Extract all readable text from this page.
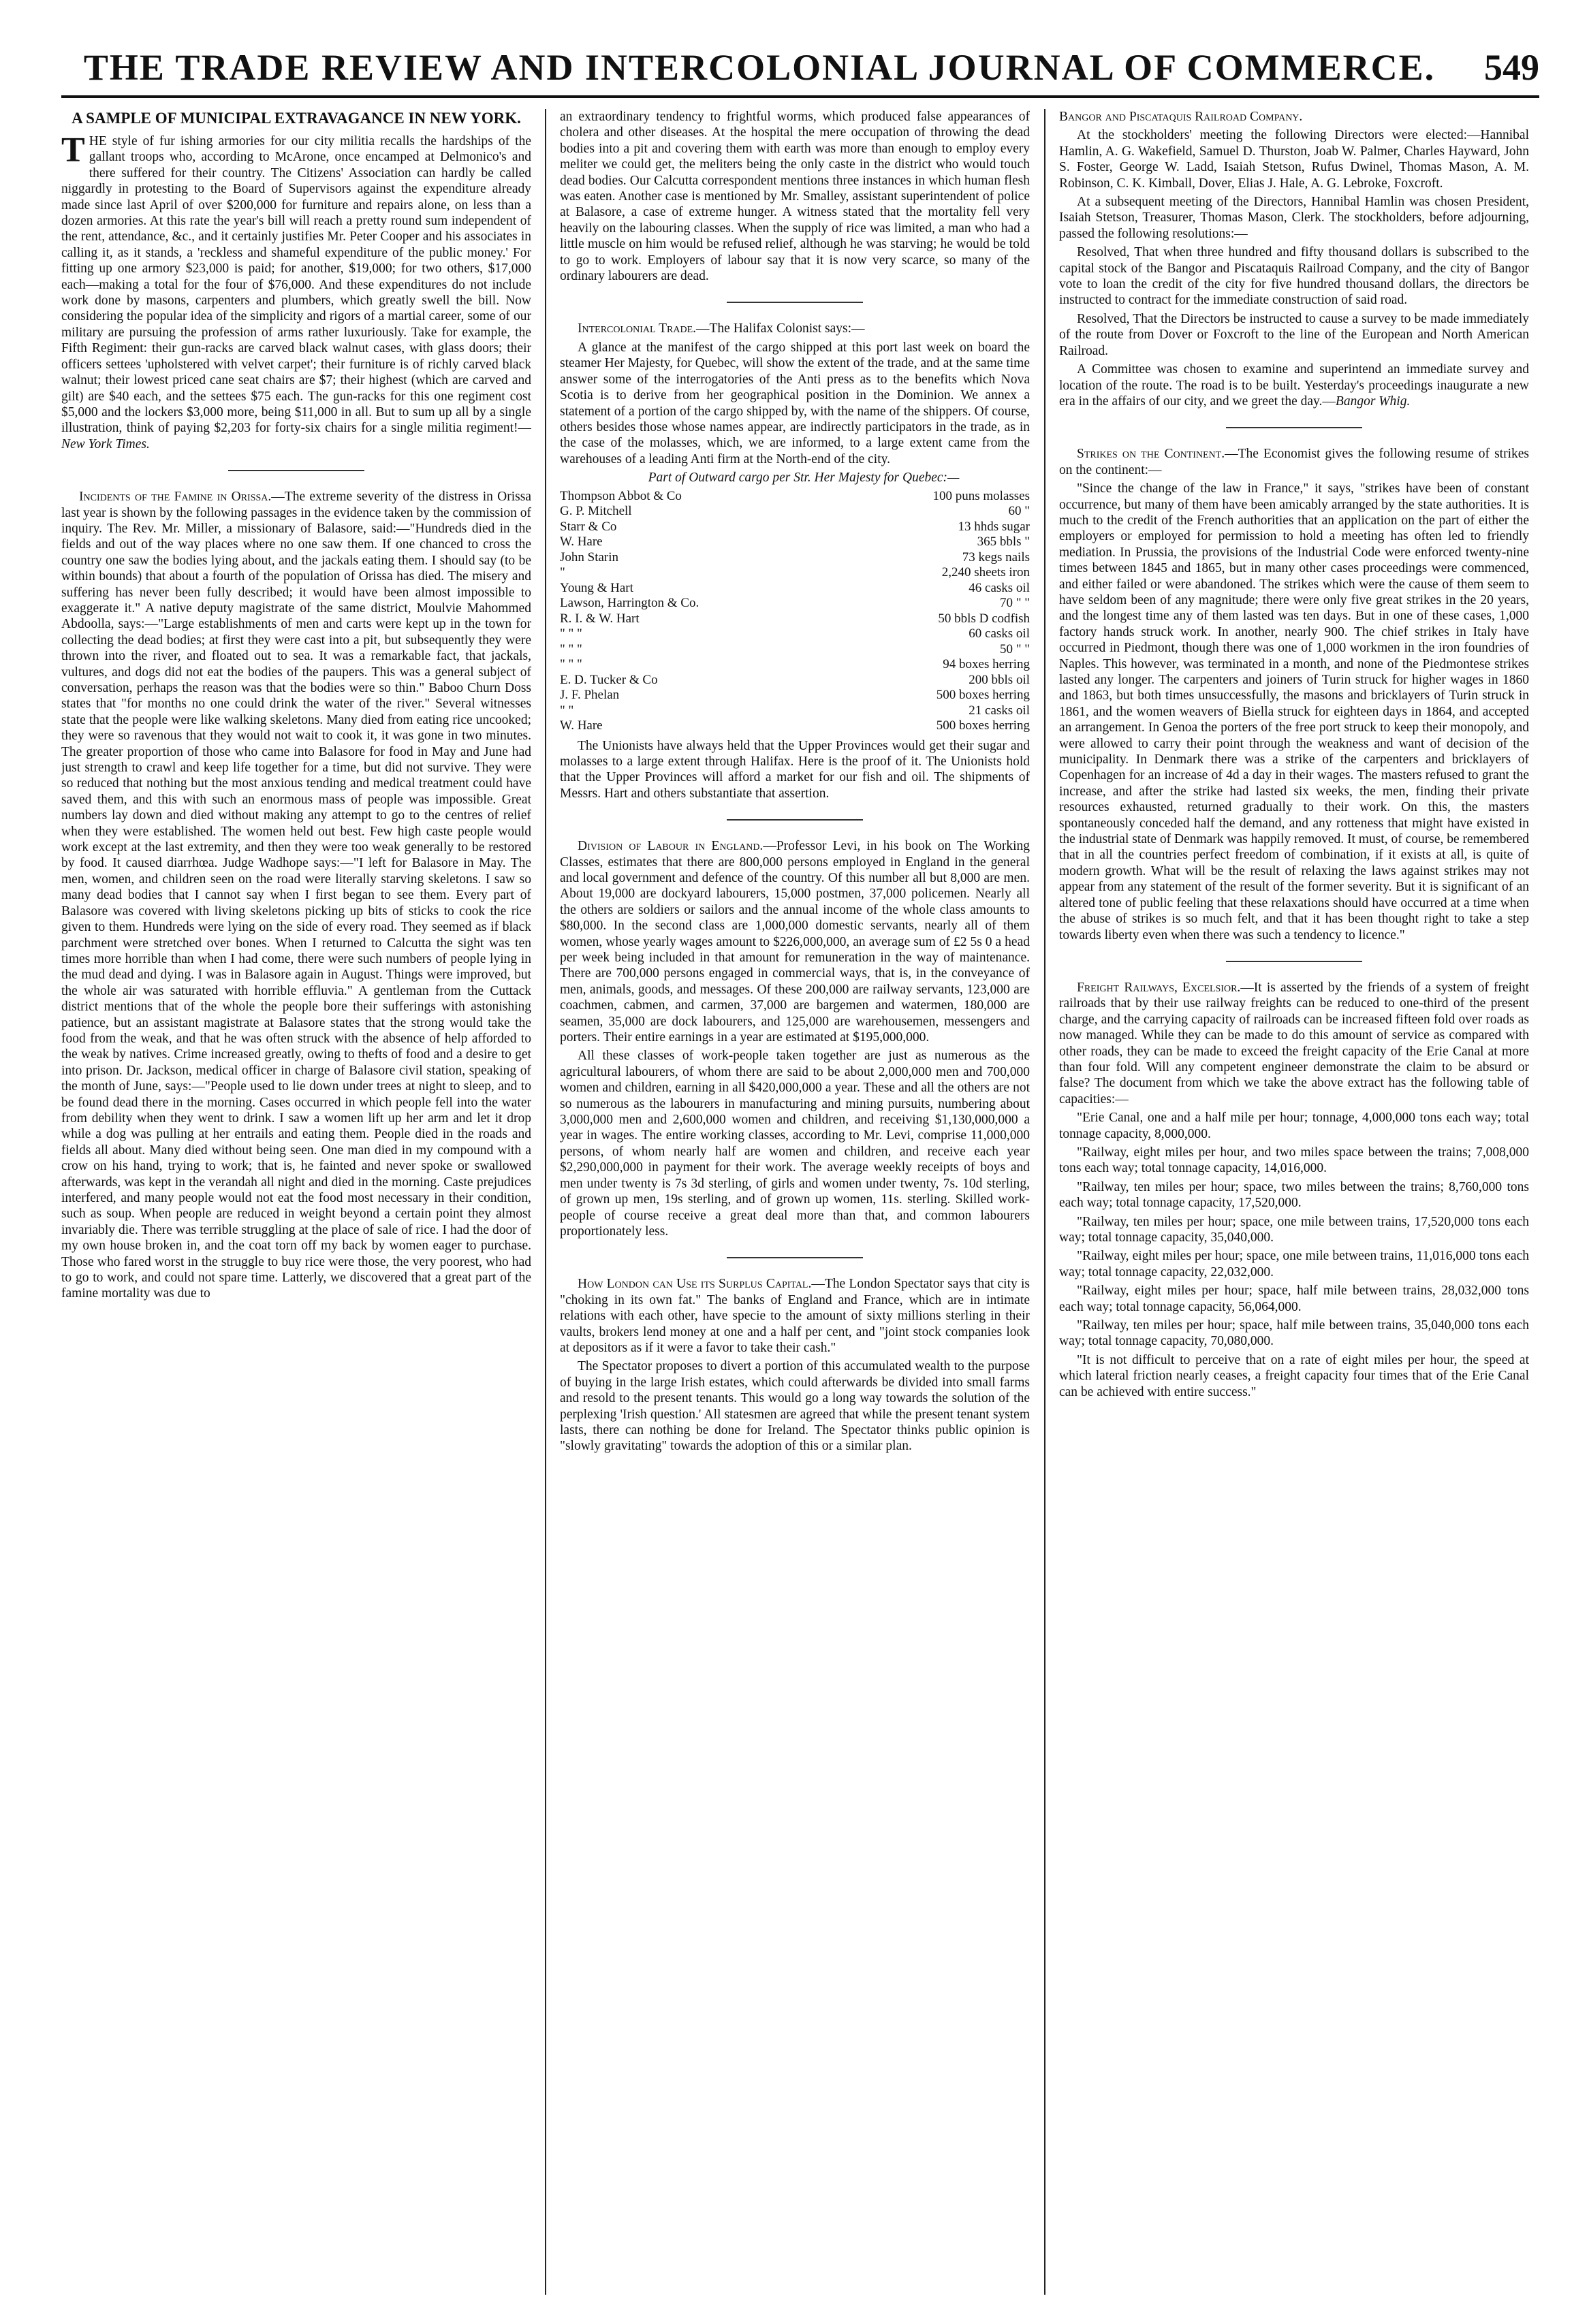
THE TRADE REVIEW AND INTERCOLONIAL JOURNAL OF COMMERCE.	549
A SAMPLE OF MUNICIPAL EXTRAVAGANCE IN NEW YORK.

THE style of fur ishing armories for our city militia recalls the hardships of the gallant troops who, according to McArone, once encamped at Delmonico's and there suffered for their country. The Citizens' Association can hardly be called niggardly in protesting to the Board of Supervisors against the expenditure already made since last April of over $200,000 for furniture and repairs alone, on less than a dozen armories. At this rate the year's bill will reach a pretty round sum independent of the rent, attendance, &c., and it certainly justifies Mr. Peter Cooper and his associates in calling it, as it stands, a 'reckless and shameful expenditure of the public money.' For fitting up one armory $23,000 is paid; for another, $19,000; for two others, $17,000 each—making a total for the four of $76,000. And these expenditures do not include work done by masons, carpenters and plumbers, which greatly swell the bill. Now considering the popular idea of the simplicity and rigors of a martial career, some of our military are pursuing the profession of arms rather luxuriously. Take for example, the Fifth Regiment: their gun-racks are carved black walnut cases, with glass doors; their officers settees 'upholstered with velvet carpet'; their furniture is of richly carved black walnut; their lowest priced cane seat chairs are $7; their highest (which are carved and gilt) are $40 each, and the settees $75 each. The gun-racks for this one regiment cost $5,000 and the lockers $3,000 more, being $11,000 in all. But to sum up all by a single illustration, think of paying $2,203 for forty-six chairs for a single militia regiment!—New York Times.

Incidents of the Famine in Orissa.—The extreme severity of the distress in Orissa last year is shown by the following passages in the evidence taken by the commission of inquiry. The Rev. Mr. Miller, a missionary of Balasore, said:—"Hundreds died in the fields and out of the way places where no one saw them. If one chanced to cross the country one saw the bodies lying about, and the jackals eating them. I should say (to be within bounds) that about a fourth of the population of Orissa has died. The misery and suffering has never been fully described; it would have been almost impossible to exaggerate it." A native deputy magistrate of the same district, Moulvie Mahommed Abdoolla, says:—"Large establishments of men and carts were kept up in the town for collecting the dead bodies; at first they were cast into a pit, but subsequently they were thrown into the river, and floated out to sea. It was a remarkable fact, that jackals, vultures, and dogs did not eat the bodies of the paupers. This was a general subject of conversation, perhaps the reason was that the bodies were so thin." Baboo Churn Doss states that "for months no one could drink the water of the river." Several witnesses state that the people were like walking skeletons. Many died from eating rice uncooked; they were so ravenous that they would not wait to cook it, it was gone in two minutes. The greater proportion of those who came into Balasore for food in May and June had just strength to crawl and keep life together for a time, but did not survive. They were so reduced that nothing but the most anxious tending and medical treatment could have saved them, and this with such an enormous mass of people was impossible. Great numbers lay down and died without making any attempt to go to the centres of relief when they were established. The women held out best. Few high caste people would work except at the last extremity, and then they were too weak generally to be restored by food. It caused diarrhœa. Judge Wadhope says:—"I left for Balasore in May. The men, women, and children seen on the road were literally starving skeletons. I saw so many dead bodies that I cannot say when I first began to see them. Every part of Balasore was covered with living skeletons picking up bits of sticks to cook the rice given to them. Hundreds were lying on the side of every road. They seemed as if black parchment were stretched over bones. When I returned to Calcutta the sight was ten times more horrible than when I had come, there were such numbers of people lying in the mud dead and dying. I was in Balasore again in August. Things were improved, but the whole air was saturated with horrible effluvia." A gentleman from the Cuttack district mentions that of the whole the people bore their sufferings with astonishing patience, but an assistant magistrate at Balasore states that the strong would take the food from the weak, and that he was often struck with the absence of help afforded to the weak by natives. Crime increased greatly, owing to thefts of food and a desire to get into prison. Dr. Jackson, medical officer in charge of Balasore civil station, speaking of the month of June, says:—"People used to lie down under trees at night to sleep, and to be found dead there in the morning. Cases occurred in which people fell into the water from debility when they went to drink. I saw a women lift up her arm and let it drop while a dog was pulling at her entrails and eating them. People died in the roads and fields all about. Many died without being seen. One man died in my compound with a crow on his hand, trying to work; that is, he fainted and never spoke or swallowed afterwards, was kept in the verandah all night and died in the morning. Caste prejudices interfered, and many people would not eat the food most necessary in their condition, such as soup. When people are reduced in weight beyond a certain point they almost invariably die. There was terrible struggling at the place of sale of rice. I had the door of my own house broken in, and the coat torn off my back by women eager to purchase. Those who fared worst in the struggle to buy rice were those, the very poorest, who had to go to work, and could not spare time. Latterly, we discovered that a great part of the famine mortality was due to

an extraordinary tendency to frightful worms, which produced false appearances of cholera and other diseases. At the hospital the mere occupation of throwing the dead bodies into a pit and covering them with earth was more than enough to employ every meliter we could get, the meliters being the only caste in the district who would touch dead bodies. Our Calcutta correspondent mentions three instances in which human flesh was eaten. Another case is mentioned by Mr. Smalley, assistant superintendent of police at Balasore, a case of extreme hunger. A witness stated that the mortality fell very heavily on the labouring classes. When the supply of rice was limited, a man who had a little muscle on him would be refused relief, although he was starving; he would be told to go to work. Employers of labour say that it is now very scarce, so many of the ordinary labourers are dead.

Intercolonial Trade.—The Halifax Colonist says:—

A glance at the manifest of the cargo shipped at this port last week on board the steamer Her Majesty, for Quebec, will show the extent of the trade, and at the same time answer some of the interrogatories of the Anti press as to the benefits which Nova Scotia is to derive from her geographical position in the Dominion. We annex a statement of a portion of the cargo shipped by, with the name of the shippers. Of course, others besides those whose names appear, are indirectly participators in the trade, as in the case of the molasses, which, we are informed, to a large extent came from the warehouses of a leading Anti firm at the North-end of the city.

Part of Outward cargo per Str. Her Majesty for Quebec:—

Thompson Abbot & Co	100 puns molasses
G. P. Mitchell	60 "
Starr & Co	13 hhds sugar
W. Hare	365 bbls "
John Starin	73 kegs nails
"	2,240 sheets iron
Young & Hart	46 casks oil
Lawson, Harrington & Co.	70 " "
R. I. & W. Hart	50 bbls D codfish
" " "	60 casks oil
" " "	50 " "
" " "	94 boxes herring
E. D. Tucker & Co	200 bbls oil
J. F. Phelan	500 boxes herring
" "	21 casks oil
W. Hare	500 boxes herring

The Unionists have always held that the Upper Provinces would get their sugar and molasses to a large extent through Halifax. Here is the proof of it. The Unionists hold that the Upper Provinces will afford a market for our fish and oil. The shipments of Messrs. Hart and others substantiate that assertion.

Division of Labour in England.—Professor Levi, in his book on The Working Classes, estimates that there are 800,000 persons employed in England in the general and local government and defence of the country. Of this number all but 8,000 are men. About 19,000 are dockyard labourers, 15,000 postmen, 37,000 policemen. Nearly all the others are soldiers or sailors and the annual income of the whole class amounts to $80,000. In the second class are 1,000,000 domestic servants, nearly all of them women, whose yearly wages amount to $226,000,000, an average sum of £2 5s 0 a head per week being included in that amount for remuneration in the way of maintenance. There are 700,000 persons engaged in commercial ways, that is, in the conveyance of men, animals, goods, and messages. Of these 200,000 are railway servants, 123,000 are coachmen, cabmen, and carmen, 37,000 are bargemen and watermen, 180,000 are seamen, 35,000 are dock labourers, and 125,000 are warehousemen, messengers and porters. Their entire earnings in a year are estimated at $195,000,000.

All these classes of work-people taken together are just as numerous as the agricultural labourers, of whom there are said to be about 2,000,000 men and 700,000 women and children, earning in all $420,000,000 a year. These and all the others are not so numerous as the labourers in manufacturing and mining pursuits, numbering about 3,000,000 men and 2,600,000 women and children, and receiving $1,130,000,000 a year in wages. The entire working classes, according to Mr. Levi, comprise 11,000,000 persons, of whom nearly half are women and children, and receive each year $2,290,000,000 in payment for their work. The average weekly receipts of boys and men under twenty is 7s 3d sterling, of girls and women under twenty, 7s. 10d sterling, of grown up men, 19s sterling, and of grown up women, 11s. sterling. Skilled work-people of course receive a great deal more than that, and common labourers proportionately less.

How London can Use its Surplus Capital.—The London Spectator says that city is "choking in its own fat." The banks of England and France, which are in intimate relations with each other, have specie to the amount of sixty millions sterling in their vaults, brokers lend money at one and a half per cent, and "joint stock companies look at depositors as if it were a favor to take their cash."

The Spectator proposes to divert a portion of this accumulated wealth to the purpose of buying in the large Irish estates, which could afterwards be divided into small farms and resold to the present tenants. This would go a long way towards the solution of the perplexing 'Irish question.' All statesmen are agreed that while the present tenant system lasts, there can nothing be done for Ireland. The Spectator thinks public opinion is "slowly gravitating" towards the adoption of this or a similar plan.

Bangor and Piscataquis Railroad Company.

At the stockholders' meeting the following Directors were elected:—Hannibal Hamlin, A. G. Wakefield, Samuel D. Thurston, Joab W. Palmer, Charles Hayward, John S. Foster, George W. Ladd, Isaiah Stetson, Rufus Dwinel, Thomas Mason, A. M. Robinson, C. K. Kimball, Dover, Elias J. Hale, A. G. Lebroke, Foxcroft.

At a subsequent meeting of the Directors, Hannibal Hamlin was chosen President, Isaiah Stetson, Treasurer, Thomas Mason, Clerk. The stockholders, before adjourning, passed the following resolutions:—

Resolved, That when three hundred and fifty thousand dollars is subscribed to the capital stock of the Bangor and Piscataquis Railroad Company, and the city of Bangor vote to loan the credit of the city for five hundred thousand dollars, the directors be instructed to contract for the immediate construction of said road.

Resolved, That the Directors be instructed to cause a survey to be made immediately of the route from Dover or Foxcroft to the line of the European and North American Railroad.

A Committee was chosen to examine and superintend an immediate survey and location of the route. The road is to be built. Yesterday's proceedings inaugurate a new era in the affairs of our city, and we greet the day.—Bangor Whig.

Strikes on the Continent.—The Economist gives the following resume of strikes on the continent:—

"Since the change of the law in France," it says, "strikes have been of constant occurrence, but many of them have been amicably arranged by the state authorities. It is much to the credit of the French authorities that an application on the part of either the employers or employed for permission to hold a meeting has often led to friendly mediation. In Prussia, the provisions of the Industrial Code were enforced twenty-nine times between 1845 and 1865, but in many other cases proceedings were commenced, and either failed or were abandoned. The strikes which were the cause of them seem to have seldom been of any magnitude; there were only five great strikes in the 20 years, and the longest time any of them lasted was ten days. But in one of these cases, 1,000 factory hands struck work. In another, nearly 900. The chief strikes in Italy have occurred in Piedmont, though there was one of 1,000 workmen in the iron foundries of Naples. This however, was terminated in a month, and none of the Piedmontese strikes lasted any longer. The carpenters and joiners of Turin struck for higher wages in 1860 and 1863, but both times unsuccessfully, the masons and bricklayers of Turin struck in 1861, and the women weavers of Biella struck for eighteen days in 1864, and accepted an arrangement. In Genoa the porters of the free port struck to keep their monopoly, and were allowed to carry their point through the weakness and want of decision of the municipality. In Denmark there was a strike of the carpenters and bricklayers of Copenhagen for an increase of 4d a day in their wages. The masters refused to grant the increase, and after the strike had lasted six weeks, the men, finding their private resources exhausted, returned gradually to their work. On this, the masters spontaneously conceded half the demand, and any rotteness that might have existed in the industrial state of Denmark was happily removed. It must, of course, be remembered that in all the countries perfect freedom of combination, if it exists at all, is quite of modern growth. What will be the result of relaxing the laws against strikes may not appear from any statement of the result of the former severity. But it is significant of an altered tone of public feeling that these relaxations should have occurred at a time when the abuse of strikes is so much felt, and that it has been thought right to take a step towards liberty even when there was such a tendency to licence."

Freight Railways, Excelsior.—It is asserted by the friends of a system of freight railroads that by their use railway freights can be reduced to one-third of the present charge, and the carrying capacity of railroads can be increased fifteen fold over roads as now managed. While they can be made to do this amount of service as compared with other roads, they can be made to exceed the freight capacity of the Erie Canal at more than four fold. Will any competent engineer demonstrate the claim to be absurd or false? The document from which we take the above extract has the following table of capacities:—

"Erie Canal, one and a half mile per hour; tonnage, 4,000,000 tons each way; total tonnage capacity, 8,000,000.

"Railway, eight miles per hour, and two miles space between the trains; 7,008,000 tons each way; total tonnage capacity, 14,016,000.

"Railway, ten miles per hour; space, two miles between the trains; 8,760,000 tons each way; total tonnage capacity, 17,520,000.

"Railway, ten miles per hour; space, one mile between trains, 17,520,000 tons each way; total tonnage capacity, 35,040,000.

"Railway, eight miles per hour; space, one mile between trains, 11,016,000 tons each way; total tonnage capacity, 22,032,000.

"Railway, eight miles per hour; space, half mile between trains, 28,032,000 tons each way; total tonnage capacity, 56,064,000.

"Railway, ten miles per hour; space, half mile between trains, 35,040,000 tons each way; total tonnage capacity, 70,080,000.

"It is not difficult to perceive that on a rate of eight miles per hour, the speed at which lateral friction nearly ceases, a freight capacity four times that of the Erie Canal can be achieved with entire success."
